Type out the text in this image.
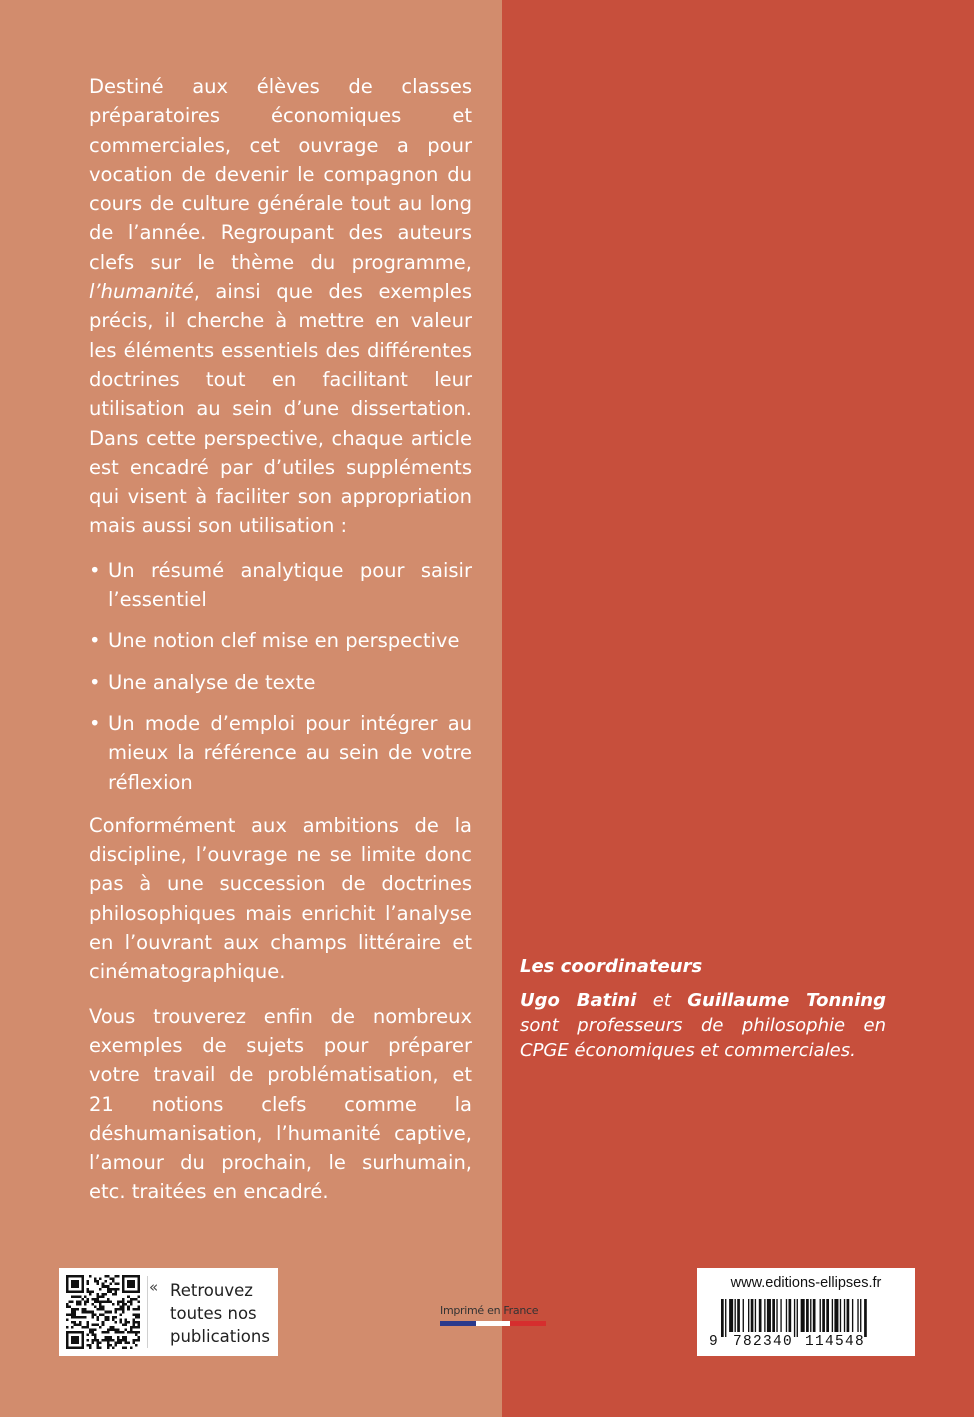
Destiné aux élèves de classes préparatoires économiques et commerciales, cet ouvrage a pour vocation de devenir le compagnon du cours de culture générale tout au long de l’année. Regroupant des auteurs clefs sur le thème du programme, l’humanité, ainsi que des exemples précis, il cherche à mettre en valeur les éléments essentiels des différentes doctrines tout en facilitant leur utilisation au sein d’une dissertation. Dans cette perspective, chaque article est encadré par d’utiles suppléments qui visent à faciliter son appropriation mais aussi son utilisation :

• Un résumé analytique pour saisir l’essentiel
• Une notion clef mise en perspective
• Une analyse de texte
• Un mode d’emploi pour intégrer au mieux la référence au sein de votre réflexion

Conformément aux ambitions de la discipline, l’ouvrage ne se limite donc pas à une succession de doctrines philosophiques mais enrichit l’analyse en l’ouvrant aux champs littéraire et cinématographique.

Vous trouverez enfin de nombreux exemples de sujets pour préparer votre travail de problématisation, et 21 notions clefs comme la déshumanisation, l’humanité captive, l’amour du prochain, le surhumain, etc. traitées en encadré.

Les coordinateurs
Ugo Batini et Guillaume Tonning sont professeurs de philosophie en CPGE économiques et commerciales.
« Retrouvez
toutes nos
publications
Imprimé en France
www.editions-ellipses.fr
9 782340 114548
